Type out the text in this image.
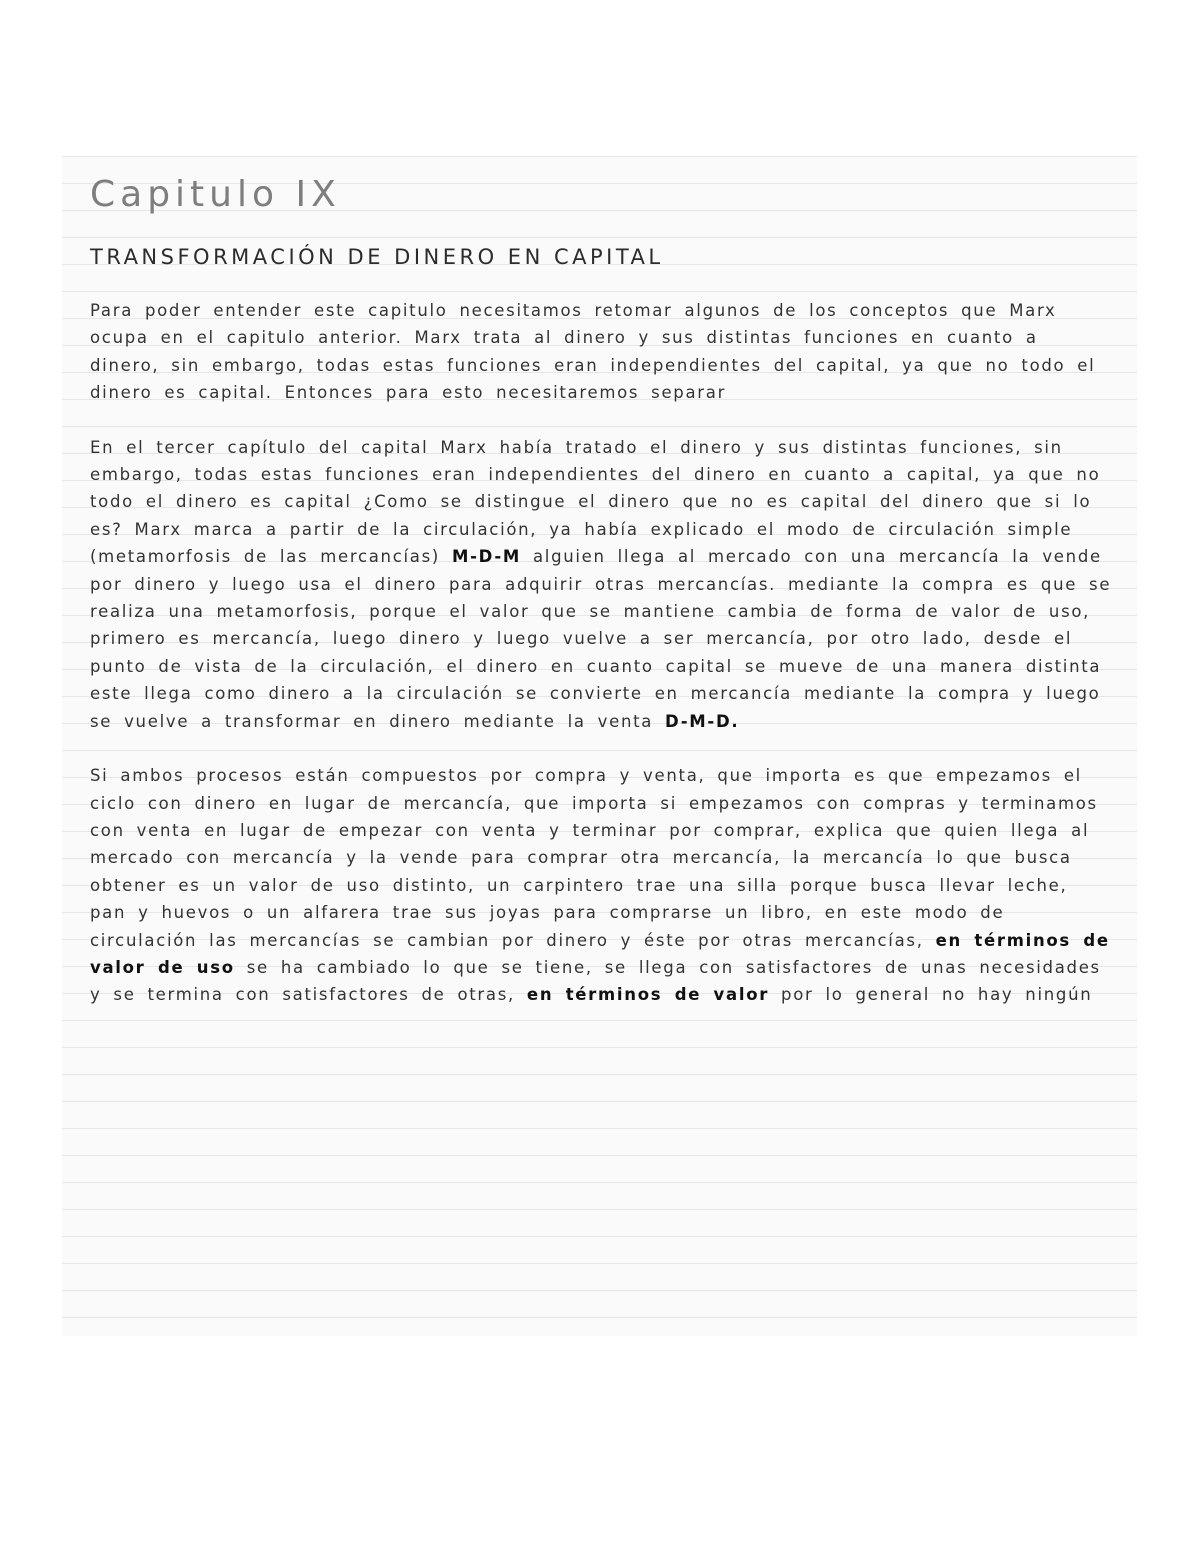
Capitulo IX
TRANSFORMACIÓN DE DINERO EN CAPITAL

Para poder entender este capitulo necesitamos retomar algunos de los conceptos que Marx ocupa en el capitulo anterior. Marx trata al dinero y sus distintas funciones en cuanto a dinero, sin embargo, todas estas funciones eran independientes del capital, ya que no todo el dinero es capital. Entonces para esto necesitaremos separar

En el tercer capítulo del capital Marx había tratado el dinero y sus distintas funciones, sin embargo, todas estas funciones eran independientes del dinero en cuanto a capital, ya que no todo el dinero es capital ¿Como se distingue el dinero que no es capital del dinero que si lo es? Marx marca a partir de la circulación, ya había explicado el modo de circulación simple (metamorfosis de las mercancías) M-D-M alguien llega al mercado con una mercancía la vende por dinero y luego usa el dinero para adquirir otras mercancías. mediante la compra es que se realiza una metamorfosis, porque el valor que se mantiene cambia de forma de valor de uso, primero es mercancía, luego dinero y luego vuelve a ser mercancía, por otro lado, desde el punto de vista de la circulación, el dinero en cuanto capital se mueve de una manera distinta este llega como dinero a la circulación se convierte en mercancía mediante la compra y luego se vuelve a transformar en dinero mediante la venta D-M-D.

Si ambos procesos están compuestos por compra y venta, que importa es que empezamos el ciclo con dinero en lugar de mercancía, que importa si empezamos con compras y terminamos con venta en lugar de empezar con venta y terminar por comprar, explica que quien llega al mercado con mercancía y la vende para comprar otra mercancía, la mercancía lo que busca obtener es un valor de uso distinto, un carpintero trae una silla porque busca llevar leche, pan y huevos o un alfarera trae sus joyas para comprarse un libro, en este modo de circulación las mercancías se cambian por dinero y éste por otras mercancías, en términos de valor de uso se ha cambiado lo que se tiene, se llega con satisfactores de unas necesidades y se termina con satisfactores de otras, en términos de valor por lo general no hay ningún
